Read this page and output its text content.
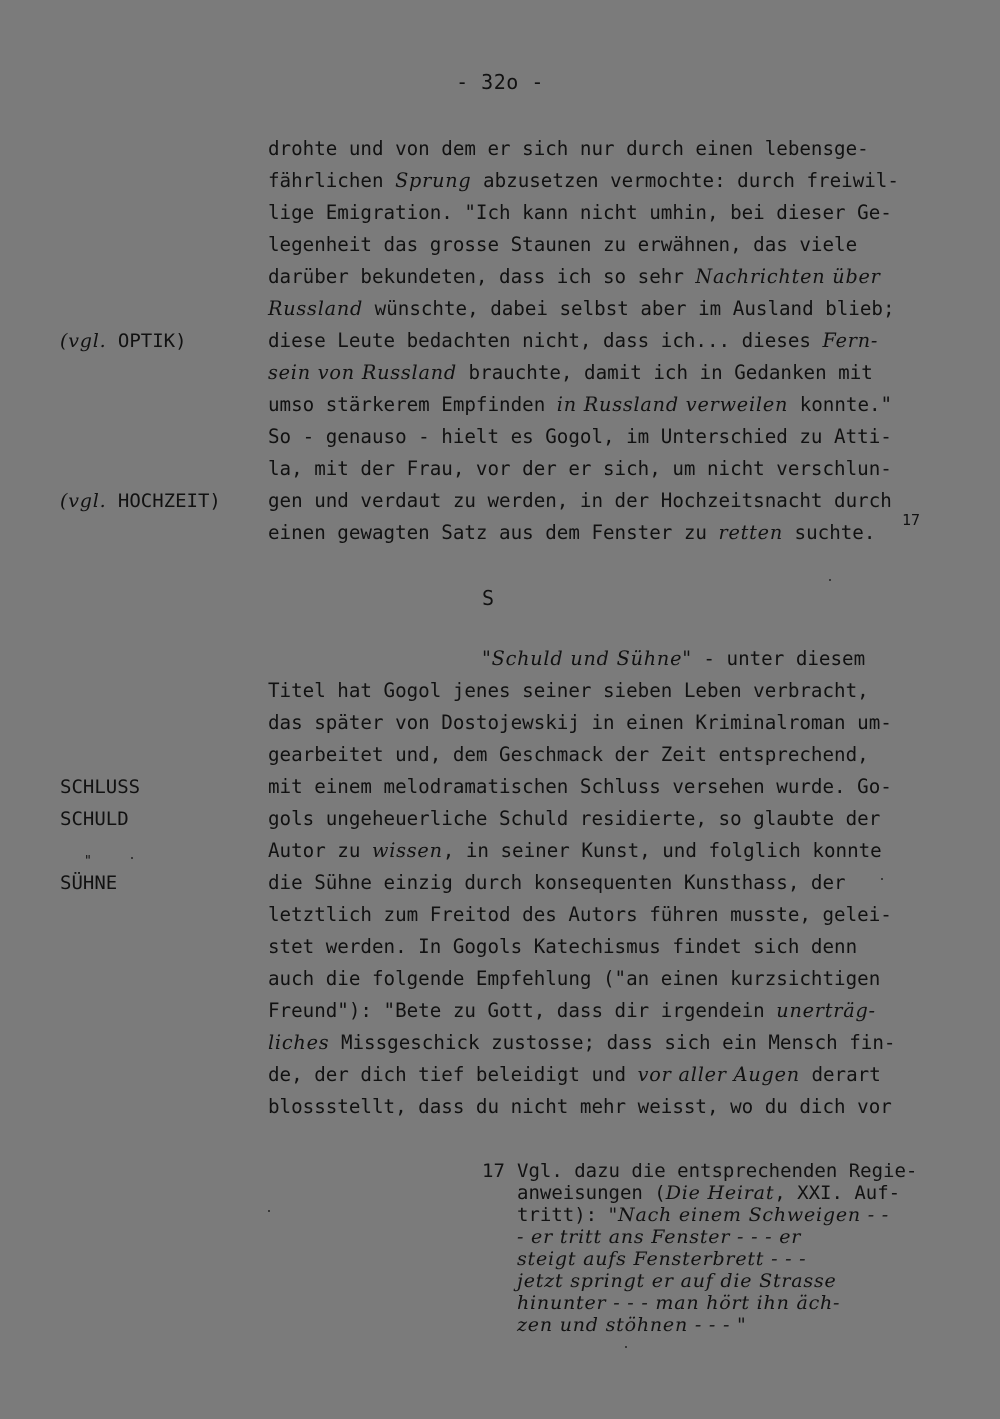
- 32o -
(vgl. OPTIK)
(vgl. HOCHZEIT)
SCHLUSS
SCHULD
"
SÜHNE
drohte und von dem er sich nur durch einen lebensge-
fährlichen Sprung abzusetzen vermochte: durch freiwil-
lige Emigration. "Ich kann nicht umhin, bei dieser Ge-
legenheit das grosse Staunen zu erwähnen, das viele
darüber bekundeten, dass ich so sehr Nachrichten über
Russland wünschte, dabei selbst aber im Ausland blieb;
diese Leute bedachten nicht, dass ich... dieses Fern-
sein von Russland brauchte, damit ich in Gedanken mit
umso stärkerem Empfinden in Russland verweilen konnte."
So - genauso - hielt es Gogol, im Unterschied zu Atti-
la, mit der Frau, vor der er sich, um nicht verschlun-
gen und verdaut zu werden, in der Hochzeitsnacht durch
einen gewagten Satz aus dem Fenster zu retten suchte.
17
S
"Schuld und Sühne" - unter diesem
Titel hat Gogol jenes seiner sieben Leben verbracht,
das später von Dostojewskij in einen Kriminalroman um-
gearbeitet und, dem Geschmack der Zeit entsprechend,
mit einem melodramatischen Schluss versehen wurde. Go-
gols ungeheuerliche Schuld residierte, so glaubte der
Autor zu wissen, in seiner Kunst, und folglich konnte
die Sühne einzig durch konsequenten Kunsthass, der
letztlich zum Freitod des Autors führen musste, gelei-
stet werden. In Gogols Katechismus findet sich denn
auch die folgende Empfehlung ("an einen kurzsichtigen
Freund"): "Bete zu Gott, dass dir irgendein unerträg-
liches Missgeschick zustosse; dass sich ein Mensch fin-
de, der dich tief beleidigt und vor aller Augen derart
blossstellt, dass du nicht mehr weisst, wo du dich vor
17 Vgl. dazu die entsprechenden Regie-
anweisungen (Die Heirat, XXI. Auf-
tritt): "Nach einem Schweigen - -
- er tritt ans Fenster - - - er
steigt aufs Fensterbrett - - -
jetzt springt er auf die Strasse
hinunter - - - man hört ihn äch-
zen und stöhnen - - - "
